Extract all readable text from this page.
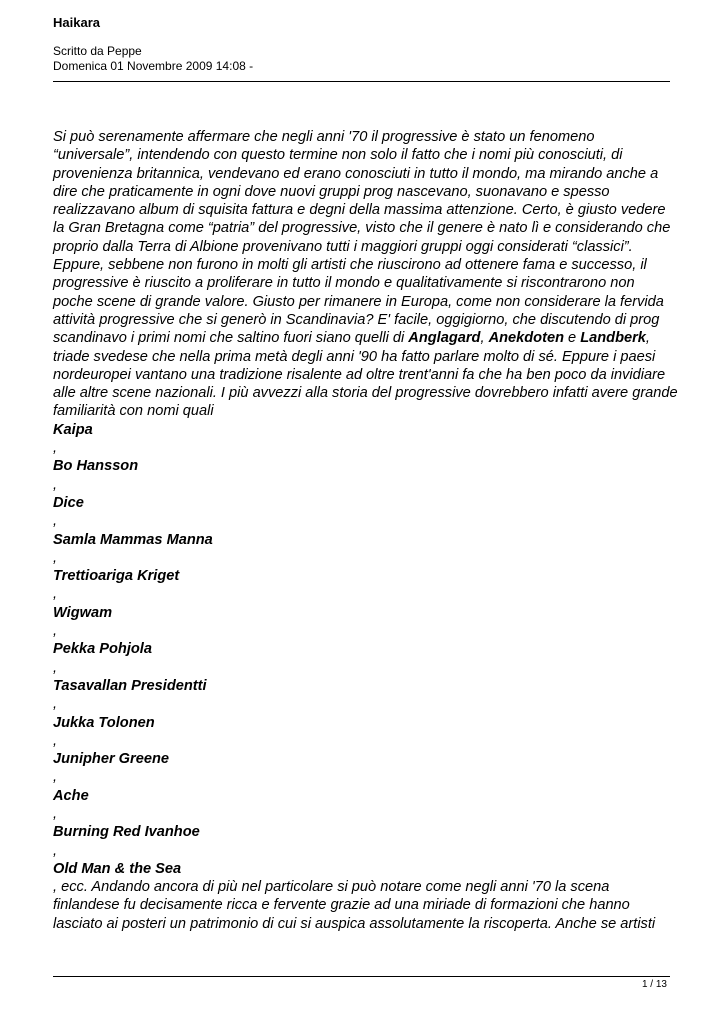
Haikara
Scritto da Peppe
Domenica 01 Novembre 2009 14:08 -

Si può serenamente affermare che negli anni '70 il progressive è stato un fenomeno “universale”, intendendo con questo termine non solo il fatto che i nomi più conosciuti, di provenienza britannica, vendevano ed erano conosciuti in tutto il mondo, ma mirando anche a dire che praticamente in ogni dove nuovi gruppi prog nascevano, suonavano e spesso realizzavano album di squisita fattura e degni della massima attenzione. Certo, è giusto vedere la Gran Bretagna come “patria” del progressive, visto che il genere è nato lì e considerando che proprio dalla Terra di Albione provenivano tutti i maggiori gruppi oggi considerati “classici”. Eppure, sebbene non furono in molti gli artisti che riuscirono ad ottenere fama e successo, il progressive è riuscito a proliferare in tutto il mondo e qualitativamente si riscontrarono non poche scene di grande valore. Giusto per rimanere in Europa, come non considerare la fervida attività progressive che si generò in Scandinavia? E' facile, oggigiorno, che discutendo di prog scandinavo i primi nomi che saltino fuori siano quelli di Anglagard, Anekdoten e Landberk, triade svedese che nella prima metà degli anni '90 ha fatto parlare molto di sé. Eppure i paesi nordeuropei vantano una tradizione risalente ad oltre trent'anni fa che ha ben poco da invidiare alle altre scene nazionali. I più avvezzi alla storia del progressive dovrebbero infatti avere grande familiarità con nomi quali

Kaipa
,
Bo Hansson
,
Dice
,
Samla Mammas Manna
,
Trettioariga Kriget
,
Wigwam
,
Pekka Pohjola
,
Tasavallan Presidentti
,
Jukka Tolonen
,
Junipher Greene
,
Ache
,
Burning Red Ivanhoe
,
Old Man & the Sea

, ecc. Andando ancora di più nel particolare si può notare come negli anni '70 la scena finlandese fu decisamente ricca e fervente grazie ad una miriade di formazioni che hanno lasciato ai posteri un patrimonio di cui si auspica assolutamente la riscoperta. Anche se artisti

1 / 13
